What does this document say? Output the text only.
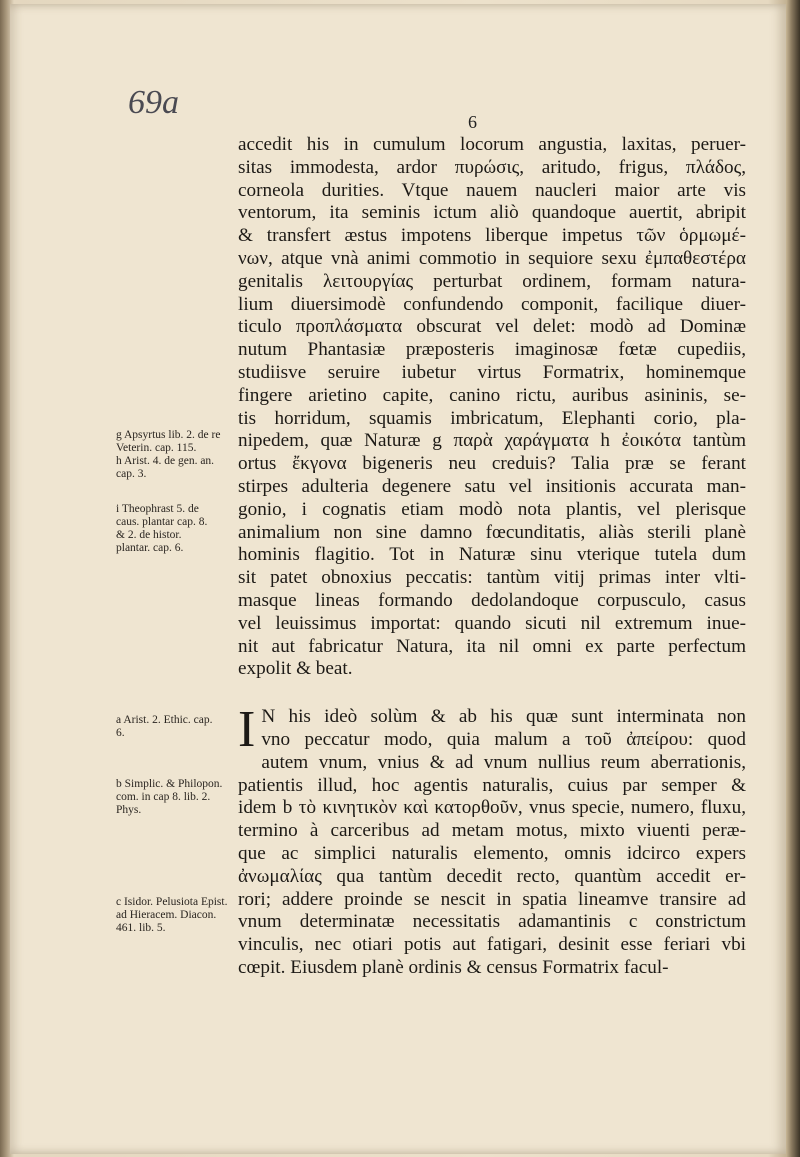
69a
6
accedit his in cumulum locorum angustia, laxitas, peruer-
sitas immodesta, ardor πυρώσις, aritudo, frigus, πλάδος,
corneola durities. Vtque nauem naucleri maior arte vis
ventorum, ita seminis ictum aliò quandoque auertit, abripit
& transfert æstus impotens liberque impetus τῶν ὁρμωμέ-
νων, atque vnà animi commotio in sequiore sexu ἐμπαθεστέρα
genitalis λειτουργίας perturbat ordinem, formam natura-
lium diuersimodè confundendo componit, facilique diuer-
ticulo προπλάσματα obscurat vel delet: modò ad Dominæ
nutum Phantasiæ præposteris imaginosæ fœtæ cupediis,
studiisve seruire iubetur virtus Formatrix, hominemque
fingere arietino capite, canino rictu, auribus asininis, se-
tis horridum, squamis imbricatum, Elephanti corio, pla-
nipedem, quæ Naturæ g παρὰ χαράγματα h ἐοικότα tantùm
ortus ἔκγονα bigeneris neu creduis? Talia præ se ferant
stirpes adulteria degenere satu vel insitionis accurata man-
gonio, i cognatis etiam modò nota plantis, vel plerisque
animalium non sine damno fœcunditatis, aliàs sterili planè
hominis flagitio. Tot in Naturæ sinu vterique tutela dum
sit patet obnoxius peccatis: tantùm vitij primas inter vlti-
masque lineas formando dedolandoque corpusculo, casus
vel leuissimus importat: quando sicuti nil extremum inue-
nit aut fabricatur Natura, ita nil omni ex parte perfectum
expolit & beat.
I N his ideò solùm & ab his quæ sunt interminata non
vno peccatur modo, quia malum a τοῦ ἀπείρου: quod
autem vnum, vnius & ad vnum nullius reum aberrationis,
patientis illud, hoc agentis naturalis, cuius par semper &
idem b τὸ κινητικὸν καὶ κατορθοῦν, vnus specie, numero, fluxu,
termino à carceribus ad metam motus, mixto viuenti peræ-
que ac simplici naturalis elemento, omnis idcirco expers
ἀνωμαλίας qua tantùm decedit recto, quantùm accedit er-
rori; addere proinde se nescit in spatia lineamve transire ad
vnum determinatæ necessitatis adamantinis c constrictum
vinculis, nec otiari potis aut fatigari, desinit esse feriari vbi
cœpit. Eiusdem planè ordinis & census Formatrix facul-
g Apsyrtus lib. 2. de re
Veterin. cap. 115.
h Arist. 4. de gen. an.
cap. 3.
i Theophrast 5. de
caus. plantar cap. 8.
& 2. de histor.
plantar. cap. 6.
a Arist. 2. Ethic. cap.
6.
b Simplic. & Philopon.
com. in cap 8. lib. 2.
Phys.
c Isidor. Pelusiota Epist.
ad Hieracem. Diacon.
461. lib. 5.
